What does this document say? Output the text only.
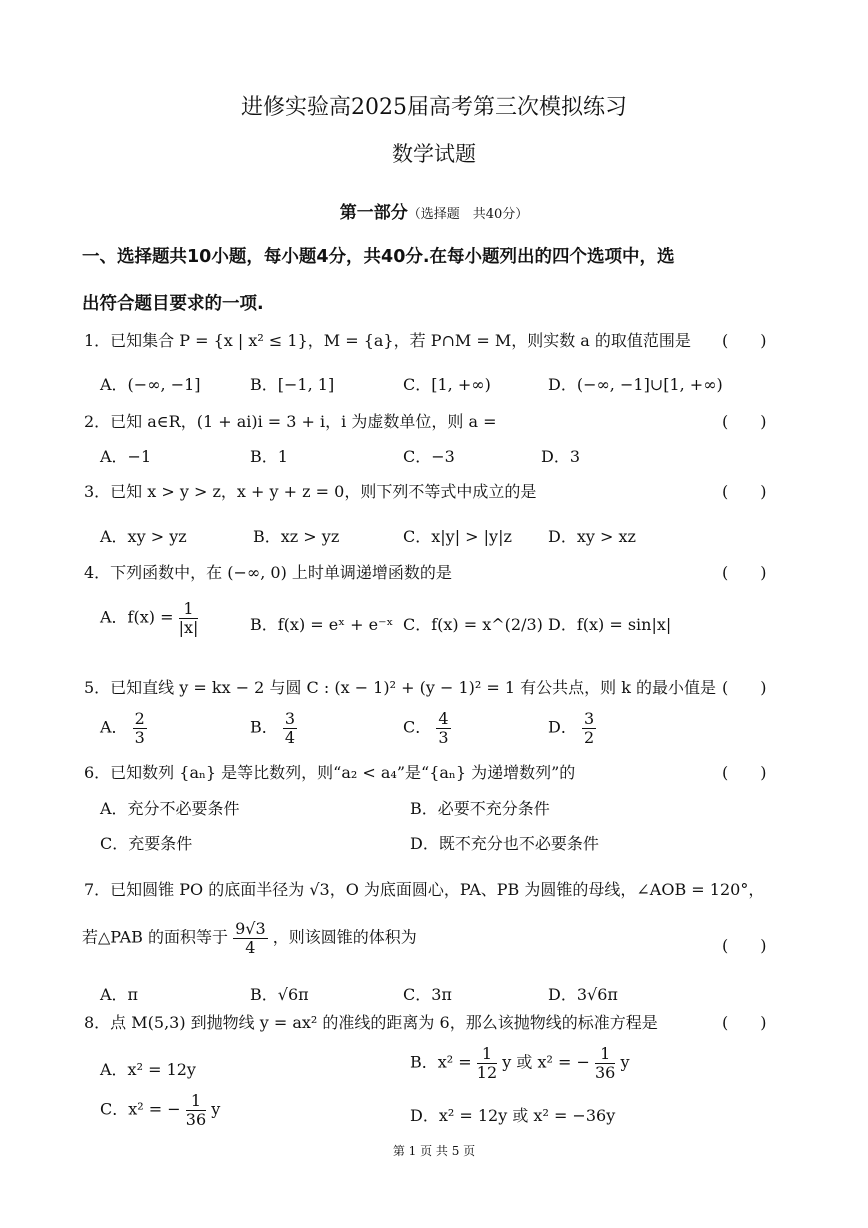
进修实验高2025届高考第三次模拟练习
数学试题
第一部分（选择题　共40分）
一、选择题共10小题，每小题4分，共40分.在每小题列出的四个选项中，选
出符合题目要求的一项.
1．已知集合 P = {x | x² ≤ 1}，M = {a}，若 P∩M = M，则实数 a 的取值范围是 (　　)
A．(−∞, −1]	B．[−1, 1]	C．[1, +∞)	D．(−∞, −1]∪[1, +∞)
2．已知 a∈R，(1 + ai)i = 3 + i，i 为虚数单位，则 a =	(　　)
A．−1	B．1	C．−3	D．3
3．已知 x > y > z，x + y + z = 0，则下列不等式中成立的是	(　　)
A．xy > yz	B．xz > yz	C．x|y| > |y|z D．xy > xz
4．下列函数中，在 (−∞, 0) 上时单调递增函数的是	(　　)
A．$f(x) = \frac{1}{|x|}$	B．f(x) = eˣ + e⁻ˣ C．f(x) = x^(2/3) D．f(x) = sin|x|
5．已知直线 y = kx − 2 与圆 C : (x − 1)² + (y − 1)² = 1 有公共点，则 k 的最小值是 (　　)
A． $\frac{2}{3}$	B． $\frac{3}{4}$	C． $\frac{4}{3}$	D． $\frac{3}{2}$
6．已知数列 {aₙ} 是等比数列，则“a₂ < a₄”是“{aₙ} 为递增数列”的	(　　)
A．充分不必要条件	B．必要不充分条件
C．充要条件	D．既不充分也不必要条件
7．已知圆锥 PO 的底面半径为 √3，O 为底面圆心，PA、PB 为圆锥的母线，∠AOB = 120°，
若△PAB 的面积等于 $\frac{9√3}{4}$ ，则该圆锥的体积为	(　　)
A．π	B．√6π	C．3π	D．3√6π
8．点 M(5,3) 到抛物线 y = ax² 的准线的距离为 6，那么该抛物线的标准方程是	(　　)
A．x² = 12y	B．$x^2 = \frac{1}{12}$ y 或 x² = − $\frac{1}{36}$ y
C．x² = − $\frac{1}{36}$ y	D．x² = 12y 或 x² = −36y
第 1 页 共 5 页
